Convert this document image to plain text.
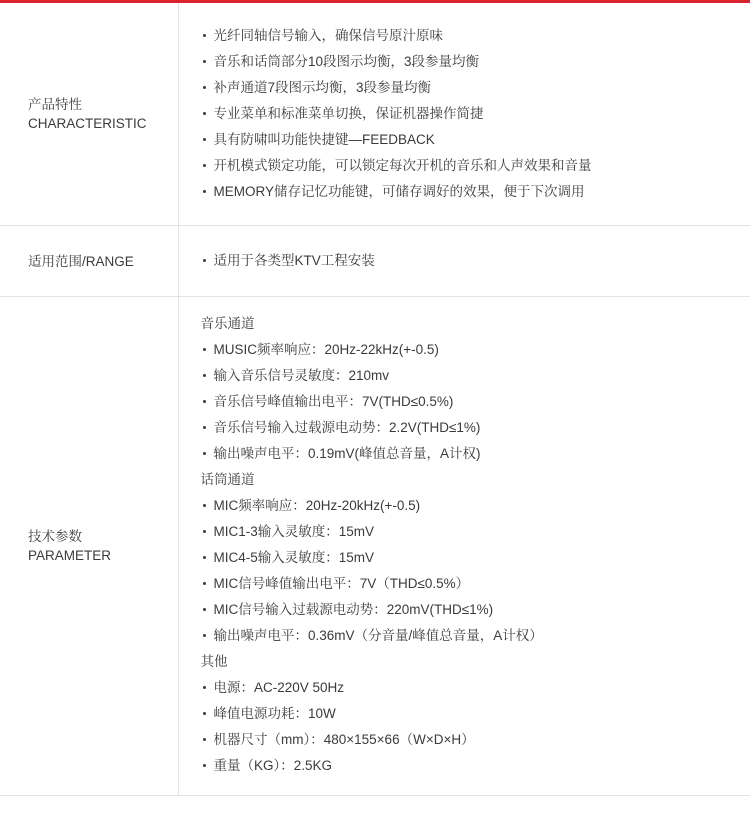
产品特性
CHARACTERISTIC

光纤同轴信号输入，确保信号原汁原味
音乐和话筒部分10段图示均衡，3段参量均衡
补声通道7段图示均衡，3段参量均衡
专业菜单和标准菜单切换，保证机器操作简捷
具有防啸叫功能快捷键—FEEDBACK
开机模式锁定功能，可以锁定每次开机的音乐和人声效果和音量
MEMORY储存记忆功能键，可储存调好的效果，便于下次调用

适用范围/RANGE	适用于各类型KTV工程安装

技术参数
PARAMETER

音乐通道
MUSIC频率响应：20Hz-22kHz(+-0.5)
输入音乐信号灵敏度：210mv
音乐信号峰值输出电平：7V(THD≤0.5%)
音乐信号输入过载源电动势：2.2V(THD≤1%)
输出噪声电平：0.19mV(峰值总音量，A计权)
话筒通道
MIC频率响应：20Hz-20kHz(+-0.5)
MIC1-3输入灵敏度：15mV
MIC4-5输入灵敏度：15mV
MIC信号峰值输出电平：7V（THD≤0.5%）
MIC信号输入过载源电动势：220mV(THD≤1%)
输出噪声电平：0.36mV（分音量/峰值总音量，A计权）
其他
电源：AC-220V 50Hz
峰值电源功耗：10W
机器尺寸（mm）：480×155×66（W×D×H）
重量（KG）：2.5KG
